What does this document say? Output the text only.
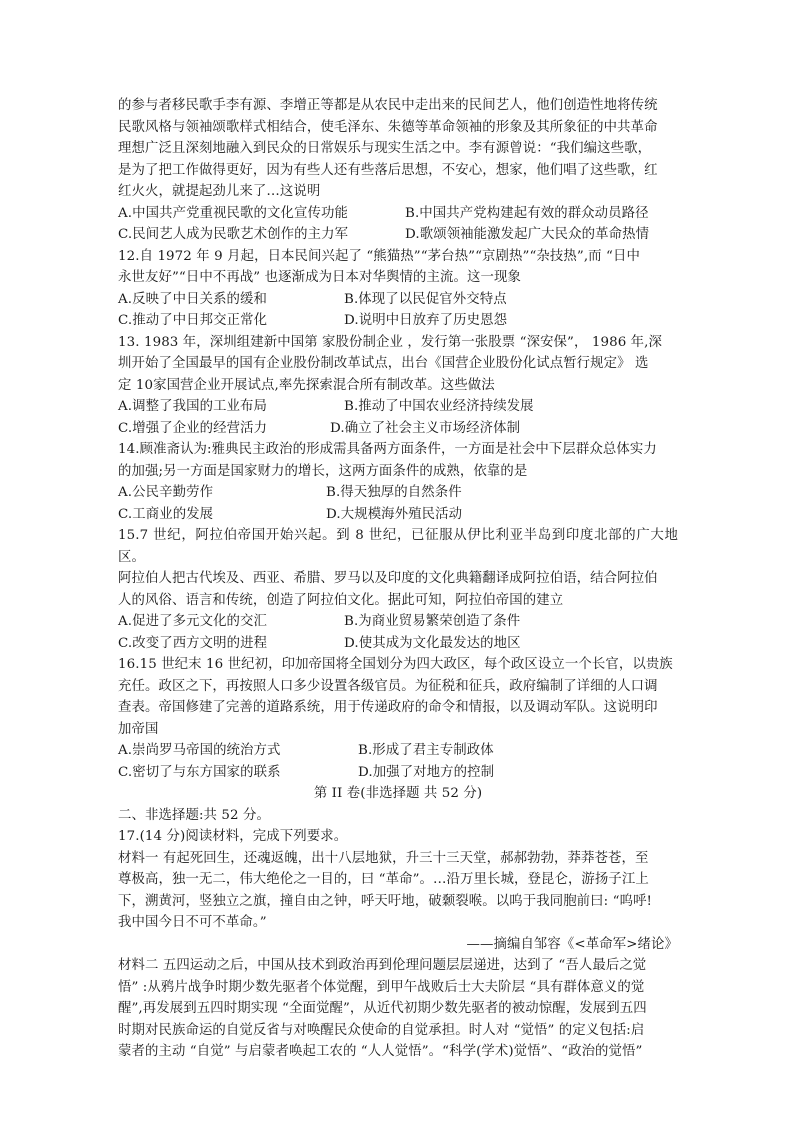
的参与者移民歌手李有源、李增正等都是从农民中走出来的民间艺人，他们创造性地将传统

民歌风格与领袖颂歌样式相结合，使毛泽东、朱德等革命领袖的形象及其所象征的中共革命

理想广泛且深刻地融入到民众的日常娱乐与现实生活之中。李有源曾说：“我们编这些歌，

是为了把工作做得更好，因为有些人还有些落后思想，不安心，想家，他们唱了这些歌，红

红火火，就提起劲儿来了…这说明

A.中国共产党重视民歌的文化宣传功能	B.中国共产党构建起有效的群众动员路径
C.民间艺人成为民歌艺术创作的主力军	D.歌颂领袖能激发起广大民众的革命热情

12.自 1972 年 9 月起，日本民间兴起了 “熊猫热”“茅台热”“京剧热”“杂技热”,而 “日中

永世友好”“日中不再战” 也逐渐成为日本对华舆情的主流。这一现象

A.反映了中日关系的缓和	B.体现了以民促官外交特点
C.推动了中日邦交正常化	D.说明中日放弃了历史恩怨

13. 1983 年，深圳组建新中国第 家股份制企业 ，发行第一张股票 “深安保”， 1986 年,深

圳开始了全国最早的国有企业股份制改革试点，出台《国营企业股份化试点暂行规定》 选

定 10家国营企业开展试点,率先探索混合所有制改革。这些做法

A.调整了我国的工业布局	B.推动了中国农业经济持续发展
C.增强了企业的经营活力	D.确立了社会主义市场经济体制

14.顾准斋认为:雅典民主政治的形成需具备两方面条件，一方面是社会中下层群众总体实力

的加强;另一方面是国家财力的增长，这两方面条件的成熟，依靠的是

A.公民辛勤劳作	B.得天独厚的自然条件
C.工商业的发展	D.大规模海外殖民活动

15.7 世纪，阿拉伯帝国开始兴起。到 8 世纪，已征服从伊比利亚半岛到印度北部的广大地区。

阿拉伯人把古代埃及、西亚、希腊、罗马以及印度的文化典籍翻译成阿拉伯语，结合阿拉伯

人的风俗、语言和传统，创造了阿拉伯文化。据此可知，阿拉伯帝国的建立

A.促进了多元文化的交汇	B.为商业贸易繁荣创造了条件
C.改变了西方文明的进程	D.使其成为文化最发达的地区

16.15 世纪末 16 世纪初，印加帝国将全国划分为四大政区，每个政区设立一个长官，以贵族

充任。政区之下，再按照人口多少设置各级官员。为征税和征兵，政府编制了详细的人口调

查表。帝国修建了完善的道路系统，用于传递政府的命令和情报，以及调动军队。这说明印

加帝国

A.崇尚罗马帝国的统治方式	B.形成了君主专制政体
C.密切了与东方国家的联系	D.加强了对地方的控制

第 II 卷(非选择题 共 52 分)

二、非选择题:共 52 分。

17.(14 分)阅读材料，完成下列要求。

材料一 有起死回生，还魂返魄，出十八层地狱，升三十三天堂，郝郝勃勃，莽莽苍苍，至

尊极高，独一无二，伟大绝伦之一目的，曰 “革命”。…沿万里长城，登昆仑，游扬子江上

下，溯黄河，竖独立之旗，撞自由之钟，呼天吁地，破颡裂喉。以呜于我同胞前曰: “呜呼!

我中国今日不可不革命。”

——摘编自邹容《<革命军>绪论》

材料二 五四运动之后，中国从技术到政治再到伦理问题层层递进，达到了 “吾人最后之觉

悟” :从鸦片战争时期少数先驱者个体觉醒，到甲午战败后士大夫阶层 “具有群体意义的觉

醒”,再发展到五四时期实现 “全面觉醒”，从近代初期少数先驱者的被动惊醒，发展到五四

时期对民族命运的自觉反省与对唤醒民众使命的自觉承担。时人对 “觉悟” 的定义包括:启

蒙者的主动 “自觉” 与启蒙者唤起工农的 “人人觉悟”。“科学(学术)觉悟”、“政治的觉悟”
